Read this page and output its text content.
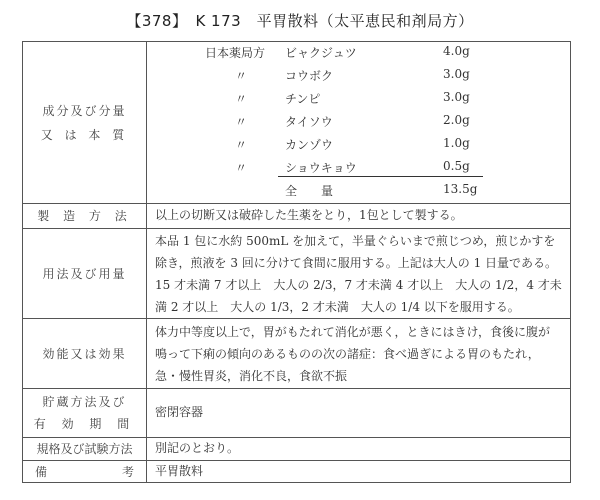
【378】　K 173　平胃散料（太平恵民和剤局方）
成分及び分量
又 は 本 質
日本薬局方 ビャクジュツ	4.0g
〃	コウボク	3.0g
〃	チンピ	3.0g
〃	タイソウ	2.0g
〃	カンゾウ	1.0g
〃	ショウキョウ	0.5g
全　　量	13.5g
製 造 方 法 以上の切断又は破砕した生薬をとり，1包として製する。
用法及び用量
本品 1 包に水約 500mL を加えて，半量ぐらいまで煎じつめ，煎じかすを
除き，煎液を 3 回に分けて食間に服用する。上記は大人の 1 日量である。
15 才未満 7 才以上　大人の 2/3，7 才未満 4 才以上　大人の 1/2，4 才未
満 2 才以上　大人の 1/3，2 才未満　大人の 1/4 以下を服用する。
効能又は効果
体力中等度以上で，胃がもたれて消化が悪く，ときにはきけ，食後に腹が
鳴って下痢の傾向のあるものの次の諸症：食べ過ぎによる胃のもたれ，
急・慢性胃炎，消化不良，食欲不振
貯蔵方法及び
有 効 期 間
密閉容器
規格及び試験方法 別記のとおり。
備	考 平胃散料
